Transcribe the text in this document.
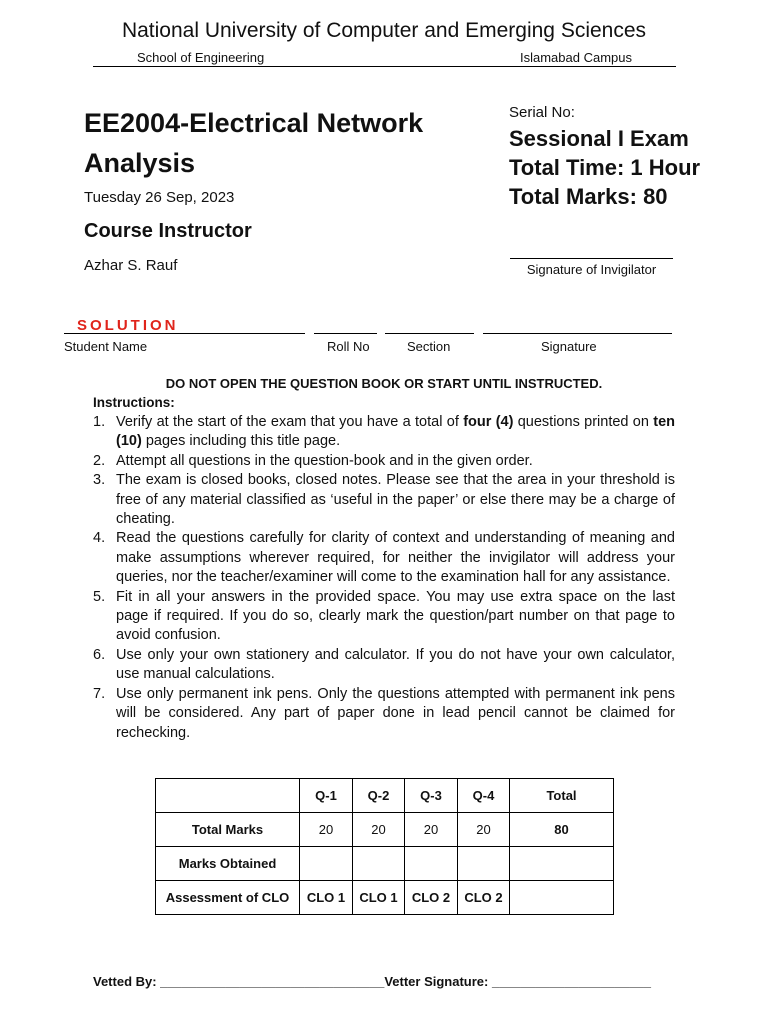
National University of Computer and Emerging Sciences
School of Engineering	Islamabad Campus
EE2004-Electrical Network Analysis
Tuesday 26 Sep, 2023
Course Instructor
Azhar S. Rauf
Serial No:
Sessional I Exam
Total Time: 1 Hour
Total Marks: 80
Signature of Invigilator
SOLUTION
Student Name	Roll No	Section	Signature
DO NOT OPEN THE QUESTION BOOK OR START UNTIL INSTRUCTED.
Instructions:
1. Verify at the start of the exam that you have a total of four (4) questions printed on ten (10) pages including this title page.
2. Attempt all questions in the question-book and in the given order.
3. The exam is closed books, closed notes. Please see that the area in your threshold is free of any material classified as ‘useful in the paper’ or else there may be a charge of cheating.
4. Read the questions carefully for clarity of context and understanding of meaning and make assumptions wherever required, for neither the invigilator will address your queries, nor the teacher/examiner will come to the examination hall for any assistance.
5. Fit in all your answers in the provided space. You may use extra space on the last page if required. If you do so, clearly mark the question/part number on that page to avoid confusion.
6. Use only your own stationery and calculator. If you do not have your own calculator, use manual calculations.
7. Use only permanent ink pens. Only the questions attempted with permanent ink pens will be considered. Any part of paper done in lead pencil cannot be claimed for rechecking.
	Q-1	Q-2	Q-3	Q-4	Total
Total Marks	20	20	20	20	80
Marks Obtained					
Assessment of CLO	CLO 1	CLO 1	CLO 2	CLO 2	
Vetted By: _______________________________Vetter Signature: ______________________
